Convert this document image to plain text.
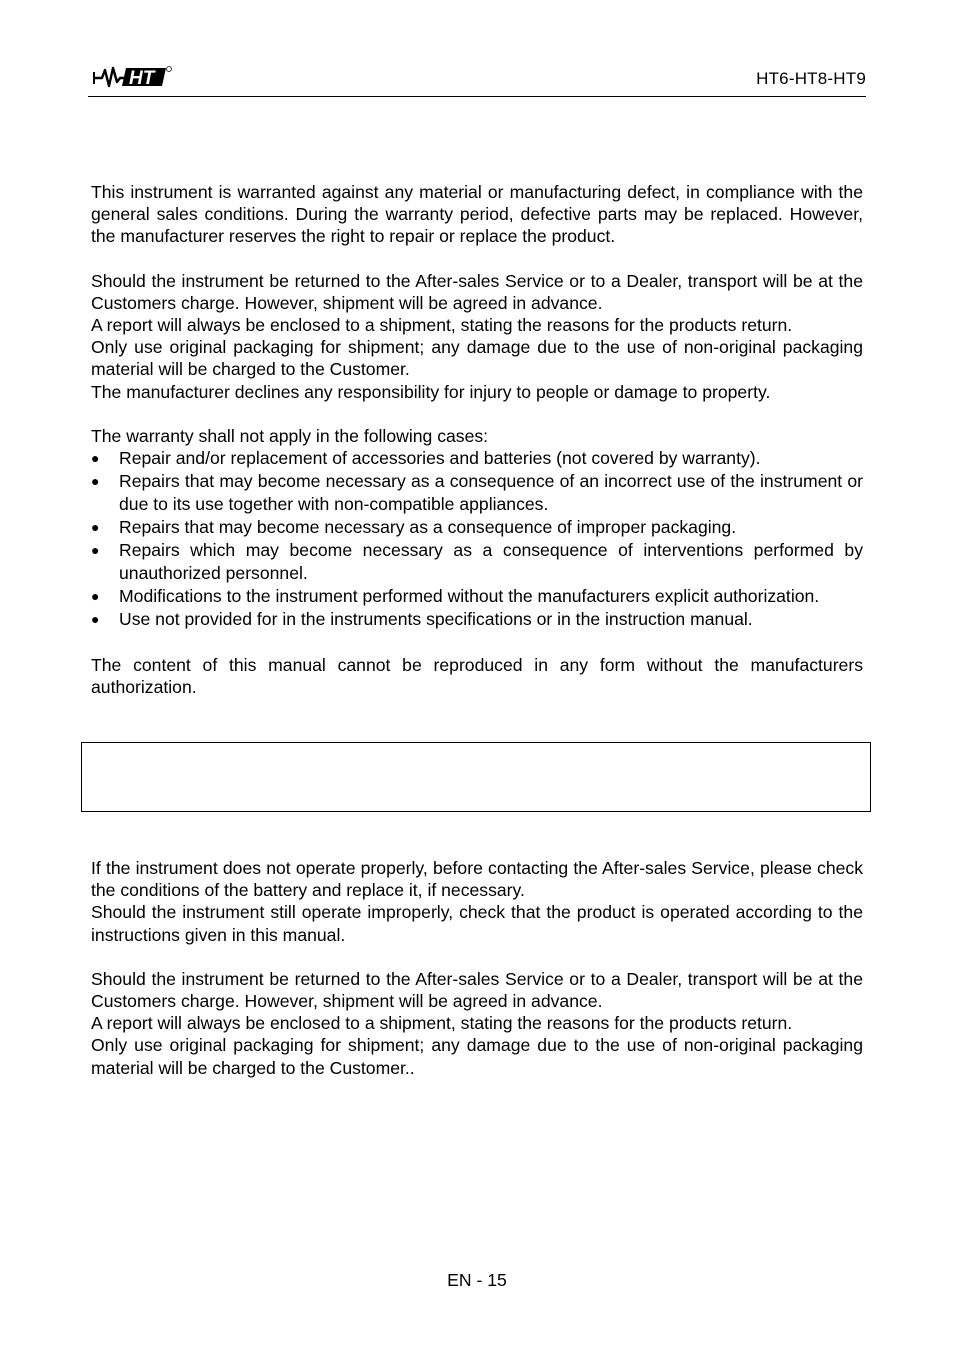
HT	HT6-HT8-HT9

This instrument is warranted against any material or manufacturing defect, in compliance with the general sales conditions. During the warranty period, defective parts may be replaced. However, the manufacturer reserves the right to repair or replace the product.

Should the instrument be returned to the After-sales Service or to a Dealer, transport will be at the Customers charge. However, shipment will be agreed in advance.

A report will always be enclosed to a shipment, stating the reasons for the products return.

Only use original packaging for shipment; any damage due to the use of non-original packaging material will be charged to the Customer.

The manufacturer declines any responsibility for injury to people or damage to property.

The warranty shall not apply in the following cases:

● Repair and/or replacement of accessories and batteries (not covered by warranty).
● Repairs that may become necessary as a consequence of an incorrect use of the instrument or due to its use together with non-compatible appliances.
● Repairs that may become necessary as a consequence of improper packaging.
● Repairs which may become necessary as a consequence of interventions performed by unauthorized personnel.
● Modifications to the instrument performed without the manufacturers explicit authorization.
● Use not provided for in the instruments specifications or in the instruction manual.

The content of this manual cannot be reproduced in any form without the manufacturers authorization.

If the instrument does not operate properly, before contacting the After-sales Service, please check the conditions of the battery and replace it, if necessary.

Should the instrument still operate improperly, check that the product is operated according to the instructions given in this manual.

Should the instrument be returned to the After-sales Service or to a Dealer, transport will be at the Customers charge. However, shipment will be agreed in advance.

A report will always be enclosed to a shipment, stating the reasons for the products return.

Only use original packaging for shipment; any damage due to the use of non-original packaging material will be charged to the Customer..

EN - 15
